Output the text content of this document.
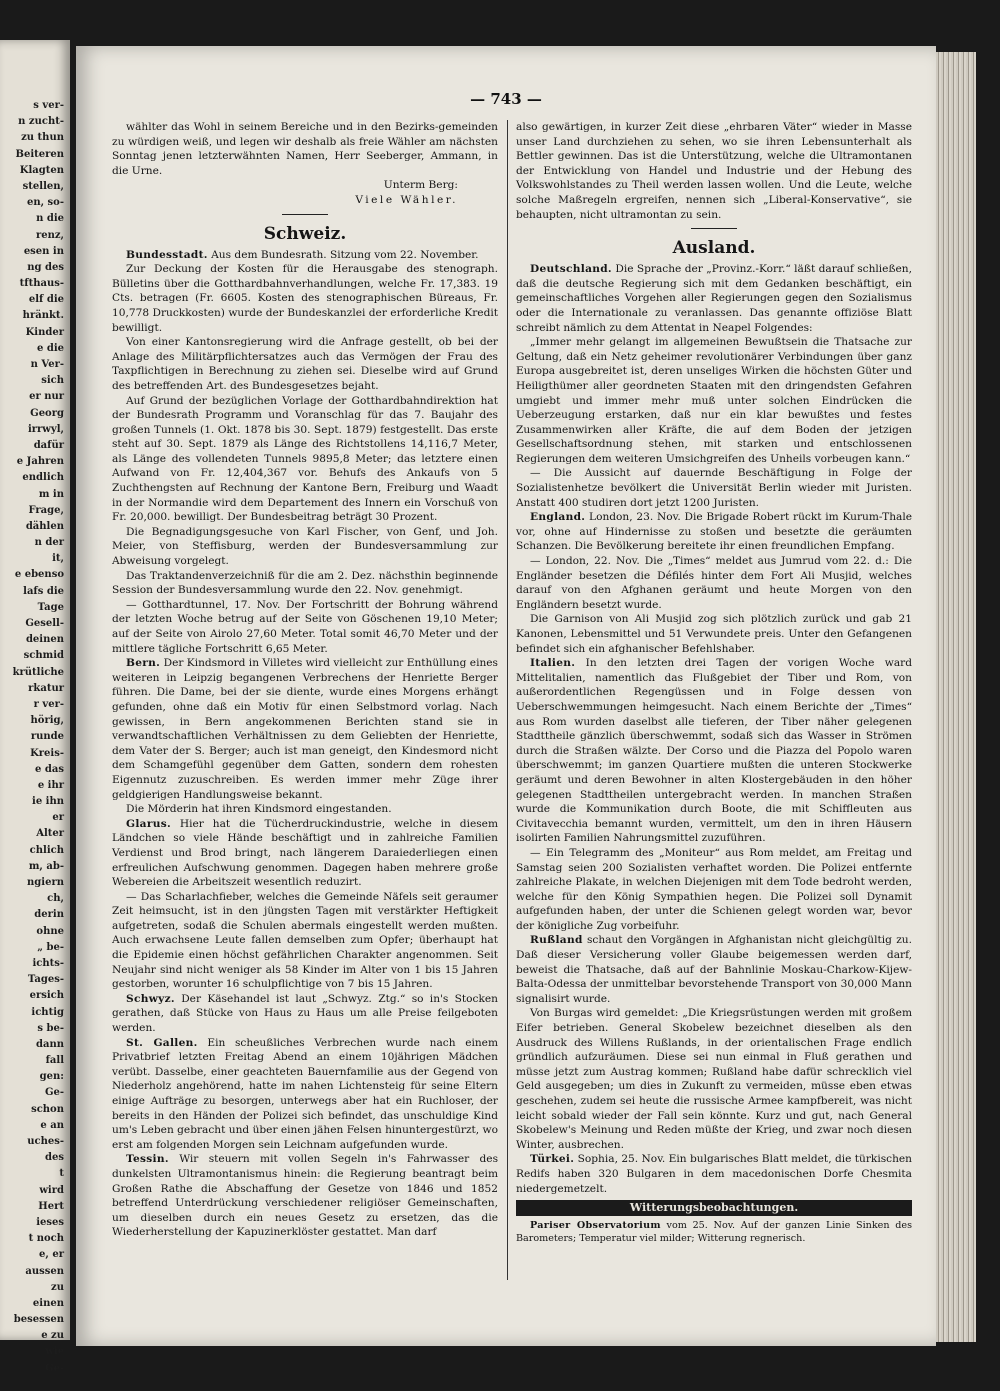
s ver-
n zucht-
zu thun
Beiteren
Klagten
stellen,
en, so-
n die
renz,
esen in
ng des
tfthaus-
elf die
hränkt.
Kinder
e die
n Ver-
sich
er nur
Georg
irrwyl,
dafür
e Jahren
endlich
m in
Frage,
dählen
n der
it,
e ebenso
lafs die
Tage
Gesell-
deinen
schmid
krütliche
rkatur
r ver-
hörig,
runde
Kreis-
e das
e ihr
ie ihn
er
Alter
chlich
m, ab-
ngiern
ch,
derin
ohne
„ be-
ichts-
Tages-
ersich
ichtig
s be-
dann
fall
gen:
Ge-
schon
e an
uches-
des
t
wird
Hert
ieses
t noch
e, er
aussen
zu
einen
besessen
e zu
wie
Ge-
— 743 —

wählter das Wohl in seinem Bereiche und in den Bezirks-gemeinden zu würdigen weiß, und legen wir deshalb als freie Wähler am nächsten Sonntag jenen letzterwähnten Namen, Herr Seeberger, Ammann, in die Urne.

Unterm Berg:
Viele Wähler.
Schweiz.

Bundesstadt. Aus dem Bundesrath. Sitzung vom 22. November.

Zur Deckung der Kosten für die Herausgabe des stenograph. Bülletins über die Gotthardbahnverhandlungen, welche Fr. 17,383. 19 Cts. betragen (Fr. 6605. Kosten des stenographischen Büreaus, Fr. 10,778 Druckkosten) wurde der Bundeskanzlei der erforderliche Kredit bewilligt.

Von einer Kantonsregierung wird die Anfrage gestellt, ob bei der Anlage des Militärpflichtersatzes auch das Vermögen der Frau des Taxpflichtigen in Berechnung zu ziehen sei. Dieselbe wird auf Grund des betreffenden Art. des Bundesgesetzes bejaht.

Auf Grund der bezüglichen Vorlage der Gotthardbahndirektion hat der Bundesrath Programm und Voranschlag für das 7. Baujahr des großen Tunnels (1. Okt. 1878 bis 30. Sept. 1879) festgestellt. Das erste steht auf 30. Sept. 1879 als Länge des Richtstollens 14,116,7 Meter, als Länge des vollendeten Tunnels 9895,8 Meter; das letztere einen Aufwand von Fr. 12,404,367 vor. Behufs des Ankaufs von 5 Zuchthengsten auf Rechnung der Kantone Bern, Freiburg und Waadt in der Normandie wird dem Departement des Innern ein Vorschuß von Fr. 20,000. bewilligt. Der Bundesbeitrag beträgt 30 Prozent.

Die Begnadigungsgesuche von Karl Fischer, von Genf, und Joh. Meier, von Steffisburg, werden der Bundesversammlung zur Abweisung vorgelegt.

Das Traktandenverzeichniß für die am 2. Dez. nächsthin beginnende Session der Bundesversammlung wurde den 22. Nov. genehmigt.

— Gotthardtunnel, 17. Nov. Der Fortschritt der Bohrung während der letzten Woche betrug auf der Seite von Göschenen 19,10 Meter; auf der Seite von Airolo 27,60 Meter. Total somit 46,70 Meter und der mittlere tägliche Fortschritt 6,65 Meter.

Bern. Der Kindsmord in Villetes wird vielleicht zur Enthüllung eines weiteren in Leipzig begangenen Verbrechens der Henriette Berger führen. Die Dame, bei der sie diente, wurde eines Morgens erhängt gefunden, ohne daß ein Motiv für einen Selbstmord vorlag. Nach gewissen, in Bern angekommenen Berichten stand sie in verwandtschaftlichen Verhältnissen zu dem Geliebten der Henriette, dem Vater der S. Berger; auch ist man geneigt, den Kindesmord nicht dem Schamgefühl gegenüber dem Gatten, sondern dem rohesten Eigennutz zuzuschreiben. Es werden immer mehr Züge ihrer geldgierigen Handlungsweise bekannt.

Die Mörderin hat ihren Kindsmord eingestanden.

Glarus. Hier hat die Tücherdruckindustrie, welche in diesem Ländchen so viele Hände beschäftigt und in zahlreiche Familien Verdienst und Brod bringt, nach längerem Daraiederliegen einen erfreulichen Aufschwung genommen. Dagegen haben mehrere große Webereien die Arbeitszeit wesentlich reduzirt.

— Das Scharlachfieber, welches die Gemeinde Näfels seit geraumer Zeit heimsucht, ist in den jüngsten Tagen mit verstärkter Heftigkeit aufgetreten, sodaß die Schulen abermals eingestellt werden mußten. Auch erwachsene Leute fallen demselben zum Opfer; überhaupt hat die Epidemie einen höchst gefährlichen Charakter angenommen. Seit Neujahr sind nicht weniger als 58 Kinder im Alter von 1 bis 15 Jahren gestorben, worunter 16 schulpflichtige von 7 bis 15 Jahren.

Schwyz. Der Käsehandel ist laut „Schwyz. Ztg.“ so in's Stocken gerathen, daß Stücke von Haus zu Haus um alle Preise feilgeboten werden.

St. Gallen. Ein scheußliches Verbrechen wurde nach einem Privatbrief letzten Freitag Abend an einem 10jährigen Mädchen verübt. Dasselbe, einer geachteten Bauernfamilie aus der Gegend von Niederholz angehörend, hatte im nahen Lichtensteig für seine Eltern einige Aufträge zu besorgen, unterwegs aber hat ein Ruchloser, der bereits in den Händen der Polizei sich befindet, das unschuldige Kind um's Leben gebracht und über einen jähen Felsen hinuntergestürzt, wo erst am folgenden Morgen sein Leichnam aufgefunden wurde.

Tessin. Wir steuern mit vollen Segeln in's Fahrwasser des dunkelsten Ultramontanismus hinein: die Regierung beantragt beim Großen Rathe die Abschaffung der Gesetze von 1846 und 1852 betreffend Unterdrückung verschiedener religiöser Gemeinschaften, um dieselben durch ein neues Gesetz zu ersetzen, das die Wiederherstellung der Kapuzinerklöster gestattet. Man darf

also gewärtigen, in kurzer Zeit diese „ehrbaren Väter“ wieder in Masse unser Land durchziehen zu sehen, wo sie ihren Lebensunterhalt als Bettler gewinnen. Das ist die Unterstützung, welche die Ultramontanen der Entwicklung von Handel und Industrie und der Hebung des Volkswohlstandes zu Theil werden lassen wollen. Und die Leute, welche solche Maßregeln ergreifen, nennen sich „Liberal-Konservative“, sie behaupten, nicht ultramontan zu sein.

Ausland.

Deutschland. Die Sprache der „Provinz.-Korr.“ läßt darauf schließen, daß die deutsche Regierung sich mit dem Gedanken beschäftigt, ein gemeinschaftliches Vorgehen aller Regierungen gegen den Sozialismus oder die Internationale zu veranlassen. Das genannte offiziöse Blatt schreibt nämlich zu dem Attentat in Neapel Folgendes:

„Immer mehr gelangt im allgemeinen Bewußtsein die Thatsache zur Geltung, daß ein Netz geheimer revolutionärer Verbindungen über ganz Europa ausgebreitet ist, deren unseliges Wirken die höchsten Güter und Heiligthümer aller geordneten Staaten mit den dringendsten Gefahren umgiebt und immer mehr muß unter solchen Eindrücken die Ueberzeugung erstarken, daß nur ein klar bewußtes und festes Zusammenwirken aller Kräfte, die auf dem Boden der jetzigen Gesellschaftsordnung stehen, mit starken und entschlossenen Regierungen dem weiteren Umsichgreifen des Unheils vorbeugen kann.“

— Die Aussicht auf dauernde Beschäftigung in Folge der Sozialistenhetze bevölkert die Universität Berlin wieder mit Juristen. Anstatt 400 studiren dort jetzt 1200 Juristen.

England. London, 23. Nov. Die Brigade Robert rückt im Kurum-Thale vor, ohne auf Hindernisse zu stoßen und besetzte die geräumten Schanzen. Die Bevölkerung bereitete ihr einen freundlichen Empfang.

— London, 22. Nov. Die „Times“ meldet aus Jumrud vom 22. d.: Die Engländer besetzen die Défilés hinter dem Fort Ali Musjid, welches darauf von den Afghanen geräumt und heute Morgen von den Engländern besetzt wurde.

Die Garnison von Ali Musjid zog sich plötzlich zurück und gab 21 Kanonen, Lebensmittel und 51 Verwundete preis. Unter den Gefangenen befindet sich ein afghanischer Befehlshaber.

Italien. In den letzten drei Tagen der vorigen Woche ward Mittelitalien, namentlich das Flußgebiet der Tiber und Rom, von außerordentlichen Regengüssen und in Folge dessen von Ueberschwemmungen heimgesucht. Nach einem Berichte der „Times“ aus Rom wurden daselbst alle tieferen, der Tiber näher gelegenen Stadttheile gänzlich überschwemmt, sodaß sich das Wasser in Strömen durch die Straßen wälzte. Der Corso und die Piazza del Popolo waren überschwemmt; im ganzen Quartiere mußten die unteren Stockwerke geräumt und deren Bewohner in alten Klostergebäuden in den höher gelegenen Stadttheilen untergebracht werden. In manchen Straßen wurde die Kommunikation durch Boote, die mit Schiffleuten aus Civitavecchia bemannt wurden, vermittelt, um den in ihren Häusern isolirten Familien Nahrungsmittel zuzuführen.

— Ein Telegramm des „Moniteur“ aus Rom meldet, am Freitag und Samstag seien 200 Sozialisten verhaftet worden. Die Polizei entfernte zahlreiche Plakate, in welchen Diejenigen mit dem Tode bedroht werden, welche für den König Sympathien hegen. Die Polizei soll Dynamit aufgefunden haben, der unter die Schienen gelegt worden war, bevor der königliche Zug vorbeifuhr.

Rußland schaut den Vorgängen in Afghanistan nicht gleichgültig zu. Daß dieser Versicherung voller Glaube beigemessen werden darf, beweist die Thatsache, daß auf der Bahnlinie Moskau-Charkow-Kijew-Balta-Odessa der unmittelbar bevorstehende Transport von 30,000 Mann signalisirt wurde.

Von Burgas wird gemeldet: „Die Kriegsrüstungen werden mit großem Eifer betrieben. General Skobelew bezeichnet dieselben als den Ausdruck des Willens Rußlands, in der orientalischen Frage endlich gründlich aufzuräumen. Diese sei nun einmal in Fluß gerathen und müsse jetzt zum Austrag kommen; Rußland habe dafür schrecklich viel Geld ausgegeben; um dies in Zukunft zu vermeiden, müsse eben etwas geschehen, zudem sei heute die russische Armee kampfbereit, was nicht leicht sobald wieder der Fall sein könnte. Kurz und gut, nach General Skobelew's Meinung und Reden müßte der Krieg, und zwar noch diesen Winter, ausbrechen.

Türkei. Sophia, 25. Nov. Ein bulgarisches Blatt meldet, die türkischen Redifs haben 320 Bulgaren in dem macedonischen Dorfe Chesmita niedergemetzelt.

Witterungsbeobachtungen.

Pariser Observatorium vom 25. Nov. Auf der ganzen Linie Sinken des Barometers; Temperatur viel milder; Witterung regnerisch.
